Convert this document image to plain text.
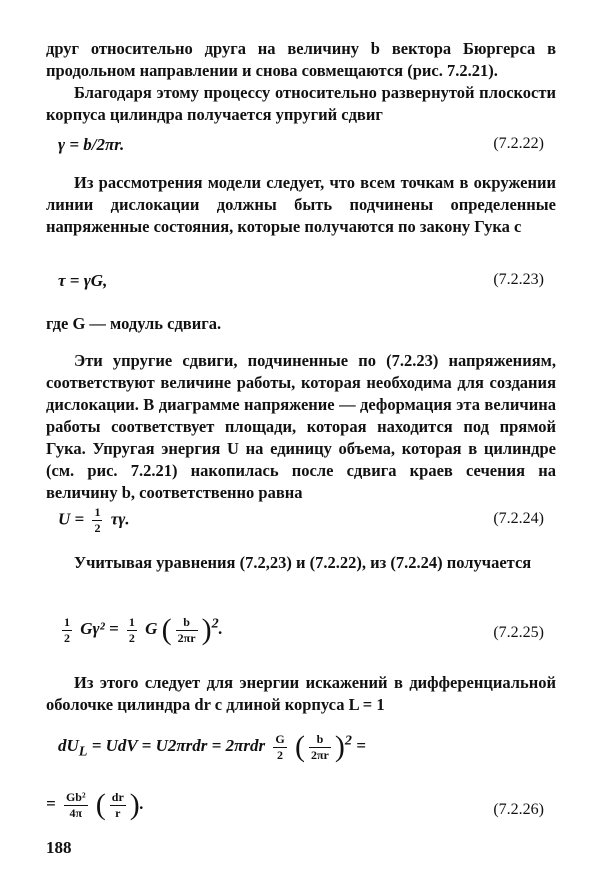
друг относительно друга на величину b вектора Бюргерса в продольном направлении и снова совмещаются (рис. 7.2.21).
Благодаря этому процессу относительно развернутой плоскости корпуса цилиндра получается упругий сдвиг
γ = b/2πr.	(7.2.22)
Из рассмотрения модели следует, что всем точкам в окружении линии дислокации должны быть подчинены определенные напряженные состояния, которые получаются по закону Гука с
τ = γG,	(7.2.23)
где G — модуль сдвига.
Эти упругие сдвиги, подчиненные по (7.2.23) напряжениям, соответствуют величине работы, которая необходима для создания дислокации. В диаграмме напряжение — деформация эта величина работы соответствует площади, которая находится под прямой Гука. Упругая энергия U на единицу объема, которая в цилиндре (см. рис. 7.2.21) накопилась после сдвига краев сечения на величину b, соответственно равна
$U = \frac{1}{2} \tau\gamma$.	(7.2.24)
Учитывая уравнения (7.2,23) и (7.2.22), из (7.2.24) получается
$\frac{1}{2} G\gamma^2 = \frac{1}{2}$ G ( $\frac{b}{2\pi r} )^2$.	(7.2.25)
Из этого следует для энергии искажений в дифференциальной оболочке цилиндра dr с длиной корпуса L = 1
$dU_L$ = UdV = $U2\pi rdr = 2\pi rdr \frac{G}{2}$ ( $\frac{b}{2\pi r} )^2$ =
= $\frac{\text{Gb²}}{4\pi}$ ( $\frac{dr}{r}$ ).	(7.2.26)
188
